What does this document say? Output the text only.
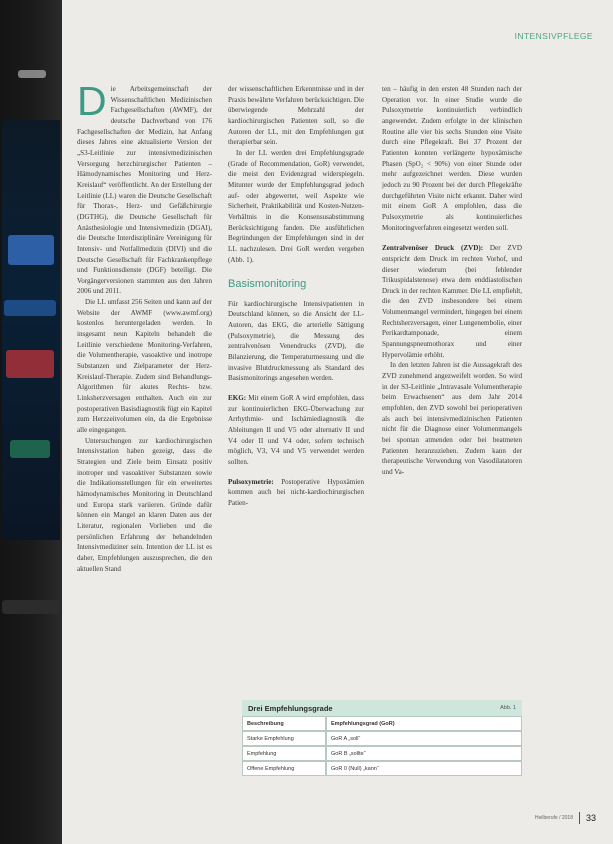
INTENSIVPFLEGE

Die Arbeitsgemeinschaft der Wissenschaftlichen Medizinischen Fachgesellschaften (AWMF), der deutsche Dachverband von 176 Fachgesellschaften der Medizin, hat Anfang dieses Jahres eine aktualisierte Version der „S3-Leitlinie zur intensivmedizinischen Versorgung herzchirurgischer Patienten – Hämodynamisches Monitoring und Herz-Kreislauf“ veröffentlicht. An der Erstellung der Leitlinie (LL) waren die Deutsche Gesellschaft für Thorax-, Herz- und Gefäßchirurgie (DGTHG), die Deutsche Gesellschaft für Anästhesiologie und Intensivmedizin (DGAI), die Deutsche Interdisziplinäre Vereinigung für Intensiv- und Notfallmedizin (DIVI) und die Deutsche Gesellschaft für Fachkrankenpflege und Funktionsdienste (DGF) beteiligt. Die Vorgängerversionen stammten aus den Jahren 2006 und 2011.

Die LL umfasst 256 Seiten und kann auf der Website der AWMF (www.awmf.org) kostenlos heruntergeladen werden. In insgesamt neun Kapiteln behandelt die Leitlinie verschiedene Monitoring-Verfahren, die Volumentherapie, vasoaktive und inotrope Substanzen und Zielparameter der Herz-Kreislauf-Therapie. Zudem sind Behandlungs-Algorithmen für akutes Rechts- bzw. Linksherzversagen enthalten. Auch ein zur postoperativen Basisdiagnostik fügt ein Kapitel zum Herzzeitvolumen ein, da die Ergebnisse alle eingegangen.

Untersuchungen zur kardiochirurgischen Intensivstation haben gezeigt, dass die Strategien und Ziele beim Einsatz positiv inotroper und vasoaktiver Substanzen sowie die Indikationsstellungen für ein erweitertes hämodynamisches Monitoring in Deutschland und Europa stark variieren. Gründe dafür können ein Mangel an klaren Daten aus der Literatur, regionalen Vorlieben und die persönlichen Erfahrung der behandelnden Intensivmediziner sein. Intention der LL ist es daher, Empfehlungen auszusprechen, die den aktuellen Stand

der wissenschaftlichen Erkenntnisse und in der Praxis bewährte Verfahren berücksichtigen. Die überwiegende Mehrzahl der kardiochirurgischen Patienten soll, so die Autoren der LL, mit den Empfehlungen gut therapierbar sein.

In der LL werden drei Empfehlungsgrade (Grade of Recommendation, GoR) verwendet, die meist den Evidenzgrad widerspiegeln. Mitunter wurde der Empfehlungsgrad jedoch auf- oder abgewertet, weil Aspekte wie Sicherheit, Praktikabilität und Kosten-Nutzen-Verhältnis in die Konsensusabstimmung Berücksichtigung fanden. Die ausführlichen Begründungen der Empfehlungen sind in der LL nachzulesen. Drei GoR werden vergeben (Abb. 1).

Basismonitoring

Für kardiochirurgische Intensivpatienten in Deutschland können, so die Ansicht der LL-Autoren, das EKG, die arterielle Sättigung (Pulsoxymetrie), die Messung des zentralvenösen Venendrucks (ZVD), die Bilanzierung, die Temperaturmessung und die invasive Blutdruckmessung als Standard des Basismonitorings angesehen werden.

EKG: Mit einem GoR A wird empfohlen, dass zur kontinuierlichen EKG-Überwachung zur Arrhythmie- und Ischämiediagnostik die Ableitungen II und V5 oder alternativ II und V4 oder II und V4 oder, sofern technisch möglich, V3, V4 und V5 verwendet werden sollten.

Pulsoxymetrie: Postoperative Hypoxämien kommen auch bei nicht-kardiochirurgischen Patien-

ten – häufig in den ersten 48 Stunden nach der Operation vor. In einer Studie wurde die Pulsoxymetrie kontinuierlich verbindlich angewendet. Zudem erfolgte in der klinischen Routine alle vier bis sechs Stunden eine Visite durch eine Pflegekraft. Bei 37 Prozent der Patienten konnten verlängerte hypoxämische Phasen (SpO₂ < 90%) von einer Stunde oder mehr aufgezeichnet werden. Diese wurden jedoch zu 90 Prozent bei der durch Pflegekräfte durchgeführten Visite nicht erkannt. Daher wird mit einem GoR A empfohlen, dass die Pulsoxymetrie als kontinuierliches Monitoringverfahren eingesetzt werden soll.

Zentralvenöser Druck (ZVD): Der ZVD entspricht dem Druck im rechten Vorhof, und dieser wiederum (bei fehlender Trikuspidalstenose) etwa dem enddiastolischen Druck in der rechten Kammer. Die LL empfiehlt, die den ZVD insbesondere bei einem Volumenmangel vermindert, hingegen bei einem Rechtsherzversagen, einer Lungenembolie, einer Perikardtamponade, einem Spannungspneumothorax und einer Hypervolämie erhöht.

In den letzten Jahren ist die Aussagekraft des ZVD zunehmend angezweifelt worden. So wird in der S3-Leitlinie „Intravasale Volumentherapie beim Erwachsenen“ aus dem Jahr 2014 empfohlen, den ZVD sowohl bei perioperativen als auch bei intensivmedizinischen Patienten nicht für die Diagnose einer Volumenmangels bei spontan atmenden oder bei beatmeten Patienten heranzuziehen. Zudem kann der therapeutische Verwendung von Vasodilatatoren und Va-

Drei Empfehlungsgrade	Abb. 1
Beschreibung	Empfehlungsgrad (GoR)
Starke Empfehlung	GoR A „soll“
Empfehlung	GoR B „sollte“
Offene Empfehlung	GoR 0 (Null) „kann“
Heilberufe / 2018 33
